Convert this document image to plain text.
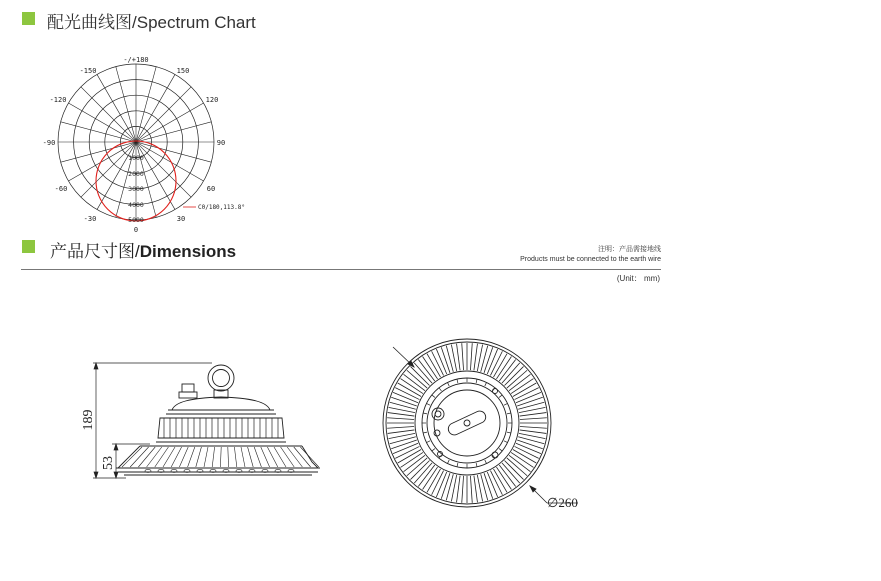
配光曲线图/Spectrum Chart
-/+180
-150	150
-120	120
-90	90
-60	60
-30	30
0
1000
2000
3000
4000
5000
C0/180,113.8°
产品尺寸图/Dimensions	注明：产品需接地线
Products must be connected to the earth wire
(Unit： mm)
189
53
∅260
